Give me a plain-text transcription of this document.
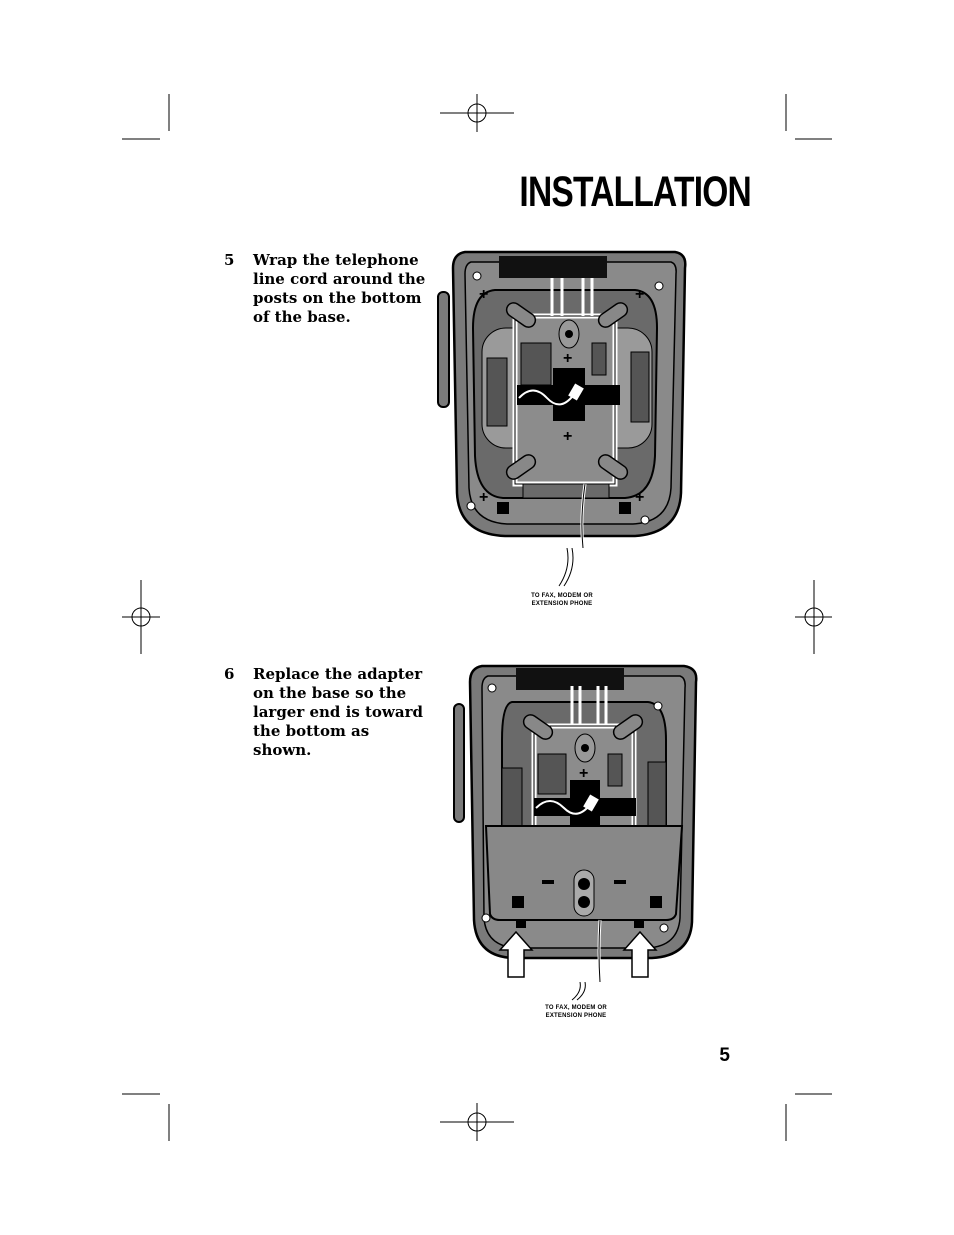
INSTALLATION
5 Wrap the telephone line cord around the posts on the bottom of the base.
6 Replace the adapter on the base so the larger end is toward the bottom as shown.
+	+
+	+
+
+
TO FAX, MODEM OR
EXTENSION PHONE
+
TO FAX, MODEM OR
EXTENSION PHONE
5
